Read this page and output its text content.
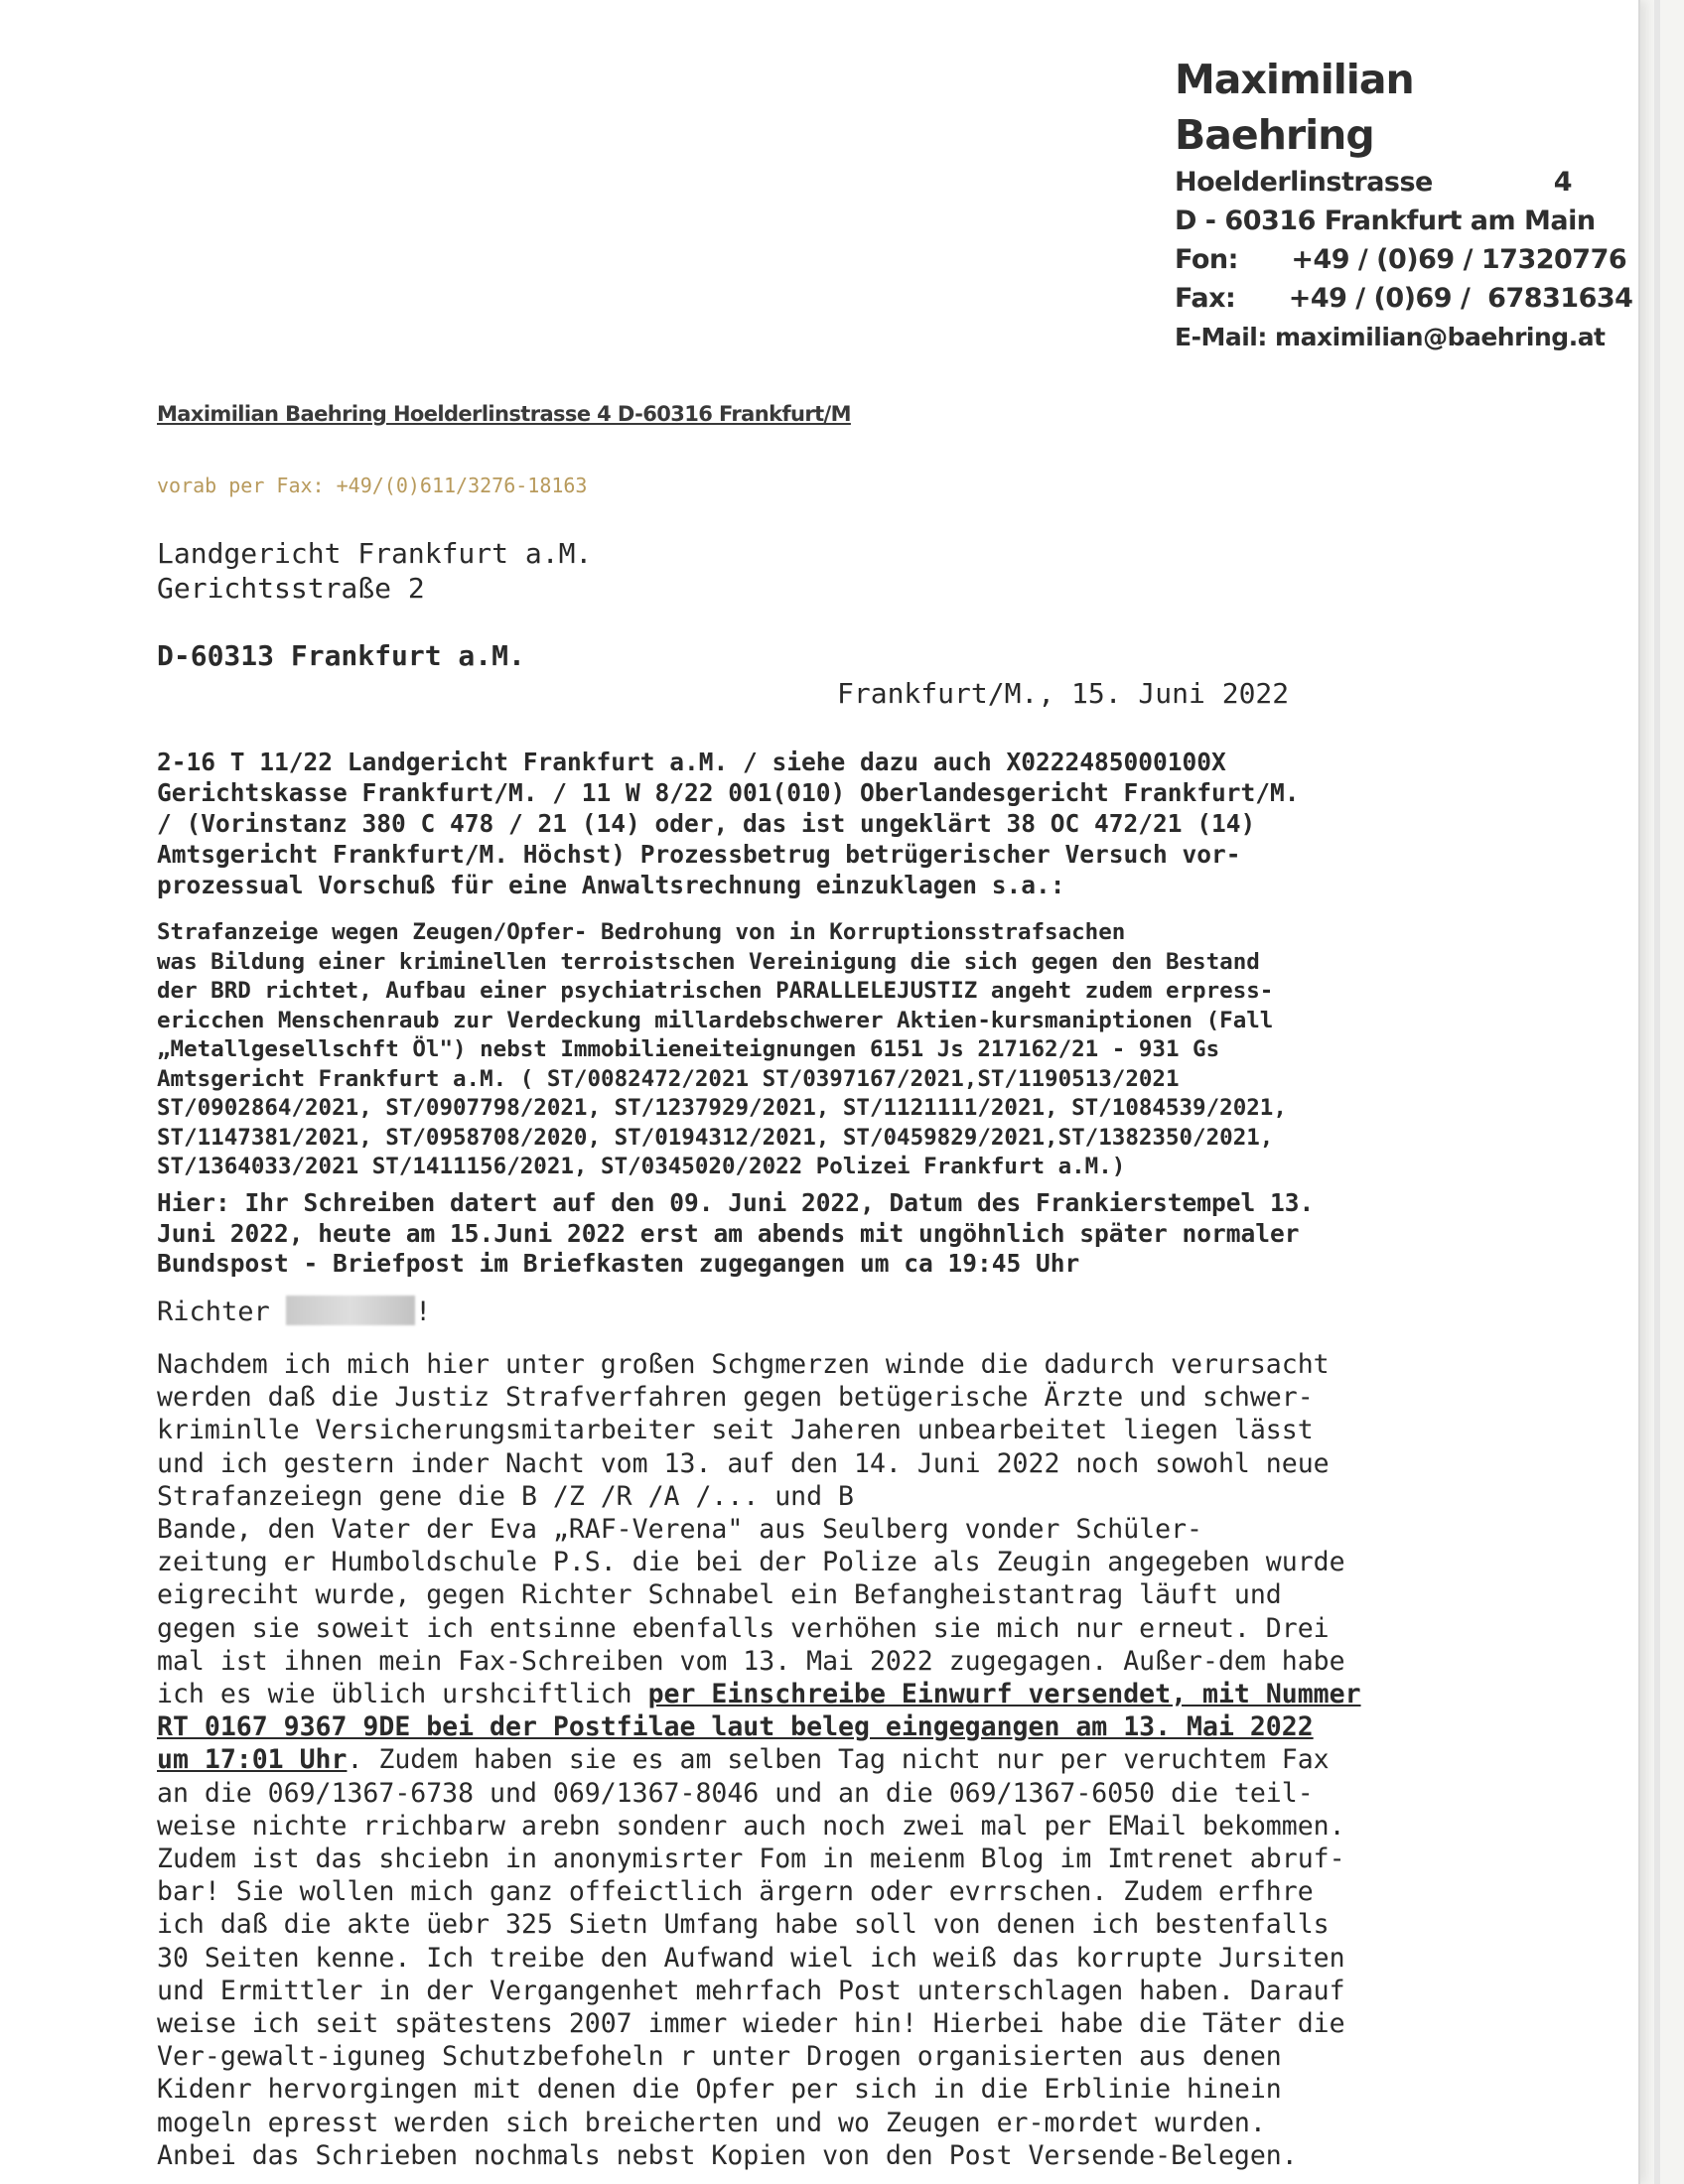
Maximilian Baehring
Hoelderlinstrasse	4
D - 60316 Frankfurt am Main
Fon:      +49 / (0)69 / 17320776
Fax:      +49 / (0)69 /  67831634
E-Mail: maximilian@baehring.at
Maximilian Baehring Hoelderlinstrasse 4 D-60316 Frankfurt/M
vorab per Fax: +49/(0)611/3276-18163
Landgericht Frankfurt a.M.
Gerichtsstraße 2
D-60313 Frankfurt a.M.
Frankfurt/M., 15. Juni 2022
2-16 T 11/22 Landgericht Frankfurt a.M. / siehe dazu auch X0222485000100X
Gerichtskasse Frankfurt/M. / 11 W 8/22 001(010) Oberlandesgericht Frankfurt/M.
/ (Vorinstanz 380 C 478 / 21 (14) oder, das ist ungeklärt 38 OC 472/21 (14)
Amtsgericht Frankfurt/M. Höchst) Prozessbetrug betrügerischer Versuch vor-
prozessual Vorschuß für eine Anwaltsrechnung einzuklagen s.a.:
Strafanzeige wegen Zeugen/Opfer- Bedrohung von in Korruptionsstrafsachen
was Bildung einer kriminellen terroistschen Vereinigung die sich gegen den Bestand
der BRD richtet, Aufbau einer psychiatrischen PARALLELEJUSTIZ angeht zudem erpress-
ericchen Menschenraub zur Verdeckung millardebschwerer Aktien-kursmaniptionen (Fall
„Metallgesellschft Öl") nebst Immobilieneiteignungen 6151 Js 217162/21 - 931 Gs
Amtsgericht Frankfurt a.M. ( ST/0082472/2021 ST/0397167/2021,ST/1190513/2021
ST/0902864/2021, ST/0907798/2021, ST/1237929/2021, ST/1121111/2021, ST/1084539/2021,
ST/1147381/2021, ST/0958708/2020, ST/0194312/2021, ST/0459829/2021,ST/1382350/2021,
ST/1364033/2021 ST/1411156/2021, ST/0345020/2022 Polizei Frankfurt a.M.)
Hier: Ihr Schreiben datert auf den 09. Juni 2022, Datum des Frankierstempel 13.
Juni 2022, heute am 15.Juni 2022 erst am abends mit ungöhnlich später normaler
Bundspost - Briefpost im Briefkasten zugegangen um ca 19:45 Uhr
Richter	!
Nachdem ich mich hier unter großen Schgmerzen winde die dadurch verursacht
werden daß die Justiz Strafverfahren gegen betügerische Ärzte und schwer-
kriminlle Versicherungsmitarbeiter seit Jaheren unbearbeitet liegen lässt
und ich gestern inder Nacht vom 13. auf den 14. Juni 2022 noch sowohl neue
Strafanzeiegn gene die B /Z /R /A /... und B
Bande, den Vater der Eva „RAF-Verena" aus Seulberg vonder Schüler-
zeitung er Humboldschule P.S. die bei der Polize als Zeugin angegeben wurde
eigreciht wurde, gegen Richter Schnabel ein Befangheistantrag läuft und
gegen sie soweit ich entsinne ebenfalls verhöhen sie mich nur erneut. Drei
mal ist ihnen mein Fax-Schreiben vom 13. Mai 2022 zugegagen. Außer-dem habe
ich es wie üblich urshciftlich per Einschreibe Einwurf versendet, mit Nummer
RT 0167 9367 9DE bei der Postfilae laut beleg eingegangen am 13. Mai 2022
um 17:01 Uhr. Zudem haben sie es am selben Tag nicht nur per veruchtem Fax
an die 069/1367-6738 und 069/1367-8046 und an die 069/1367-6050 die teil-
weise nichte rrichbarw arebn sondenr auch noch zwei mal per EMail bekommen.
Zudem ist das shciebn in anonymisrter Fom in meienm Blog im Imtrenet abruf-
bar! Sie wollen mich ganz offeictlich ärgern oder evrrschen. Zudem erfhre
ich daß die akte üebr 325 Sietn Umfang habe soll von denen ich bestenfalls
30 Seiten kenne. Ich treibe den Aufwand wiel ich weiß das korrupte Jursiten
und Ermittler in der Vergangenhet mehrfach Post unterschlagen haben. Darauf
weise ich seit spätestens 2007 immer wieder hin! Hierbei habe die Täter die
Ver-gewalt-iguneg Schutzbefoheln r unter Drogen organisierten aus denen
Kidenr hervorgingen mit denen die Opfer per sich in die Erblinie hinein
mogeln epresst werden sich breicherten und wo Zeugen er-mordet wurden.
Anbei das Schrieben nochmals nebst Kopien von den Post Versende-Belegen.
